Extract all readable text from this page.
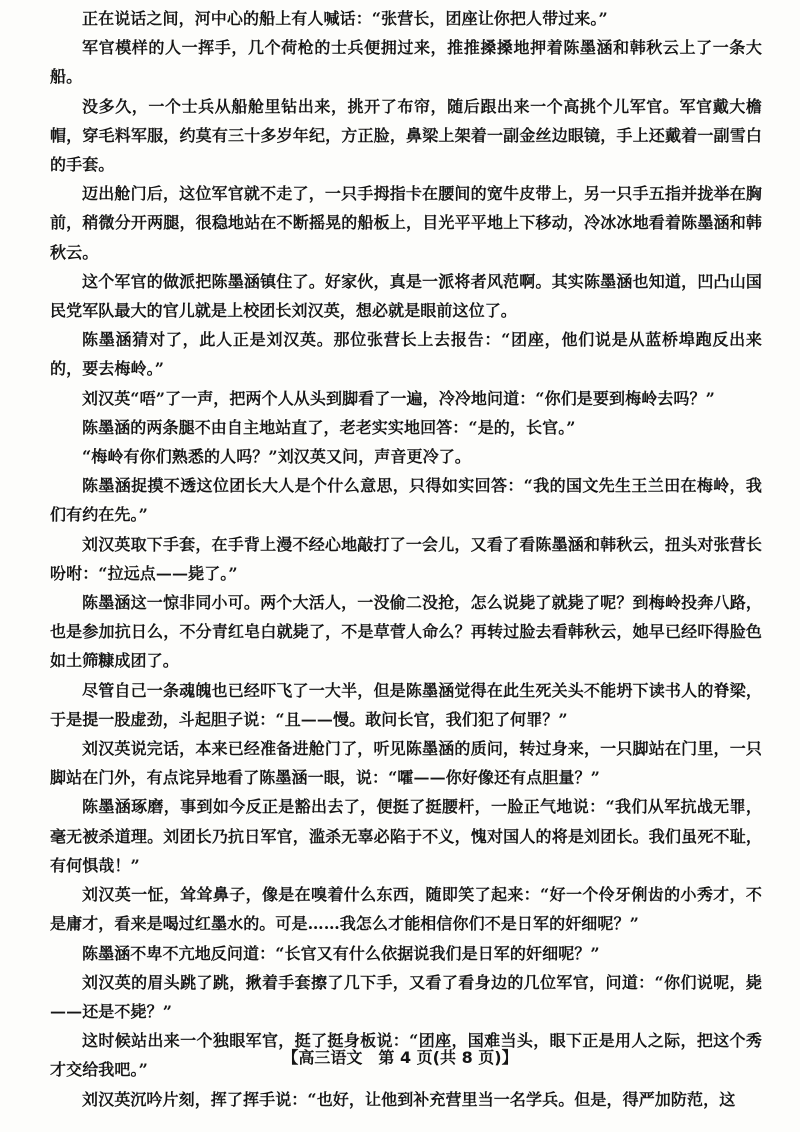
正在说话之间，河中心的船上有人喊话：“张营长，团座让你把人带过来。”

军官模样的人一挥手，几个荷枪的士兵便拥过来，推推搡搡地押着陈墨涵和韩秋云上了一条大船。

没多久，一个士兵从船舱里钻出来，挑开了布帘，随后跟出来一个高挑个儿军官。军官戴大檐帽，穿毛料军服，约莫有三十多岁年纪，方正脸，鼻梁上架着一副金丝边眼镜，手上还戴着一副雪白的手套。

迈出舱门后，这位军官就不走了，一只手拇指卡在腰间的宽牛皮带上，另一只手五指并拢举在胸前，稍微分开两腿，很稳地站在不断摇晃的船板上，目光平平地上下移动，冷冰冰地看着陈墨涵和韩秋云。

这个军官的做派把陈墨涵镇住了。好家伙，真是一派将者风范啊。其实陈墨涵也知道，凹凸山国民党军队最大的官儿就是上校团长刘汉英，想必就是眼前这位了。

陈墨涵猜对了，此人正是刘汉英。那位张营长上去报告：“团座，他们说是从蓝桥埠跑反出来的，要去梅岭。”

刘汉英“唔”了一声，把两个人从头到脚看了一遍，冷冷地问道：“你们是要到梅岭去吗？”

陈墨涵的两条腿不由自主地站直了，老老实实地回答：“是的，长官。”

“梅岭有你们熟悉的人吗？”刘汉英又问，声音更冷了。

陈墨涵捉摸不透这位团长大人是个什么意思，只得如实回答：“我的国文先生王兰田在梅岭，我们有约在先。”

刘汉英取下手套，在手背上漫不经心地敲打了一会儿，又看了看陈墨涵和韩秋云，扭头对张营长吩咐：“拉远点——毙了。”

陈墨涵这一惊非同小可。两个大活人，一没偷二没抢，怎么说毙了就毙了呢？到梅岭投奔八路，也是参加抗日么，不分青红皂白就毙了，不是草菅人命么？再转过脸去看韩秋云，她早已经吓得脸色如土筛糠成团了。

尽管自己一条魂魄也已经吓飞了一大半，但是陈墨涵觉得在此生死关头不能坍下读书人的脊梁，于是提一股虚劲，斗起胆子说：“且——慢。敢问长官，我们犯了何罪？”

刘汉英说完话，本来已经准备进舱门了，听见陈墨涵的质问，转过身来，一只脚站在门里，一只脚站在门外，有点诧异地看了陈墨涵一眼，说：“嚯——你好像还有点胆量？”

陈墨涵琢磨，事到如今反正是豁出去了，便挺了挺腰杆，一脸正气地说：“我们从军抗战无罪，毫无被杀道理。刘团长乃抗日军官，滥杀无辜必陷于不义，愧对国人的将是刘团长。我们虽死不耻，有何惧哉！”

刘汉英一怔，耸耸鼻子，像是在嗅着什么东西，随即笑了起来：“好一个伶牙俐齿的小秀才，不是庸才，看来是喝过红墨水的。可是……我怎么才能相信你们不是日军的奸细呢？”

陈墨涵不卑不亢地反问道：“长官又有什么依据说我们是日军的奸细呢？”

刘汉英的眉头跳了跳，揪着手套擦了几下手，又看了看身边的几位军官，问道：“你们说呢，毙——还是不毙？”

这时候站出来一个独眼军官，挺了挺身板说：“团座，国难当头，眼下正是用人之际，把这个秀才交给我吧。”

刘汉英沉吟片刻，挥了挥手说：“也好，让他到补充营里当一名学兵。但是，得严加防范，这

【高三语文　第 4 页(共 8 页)】
